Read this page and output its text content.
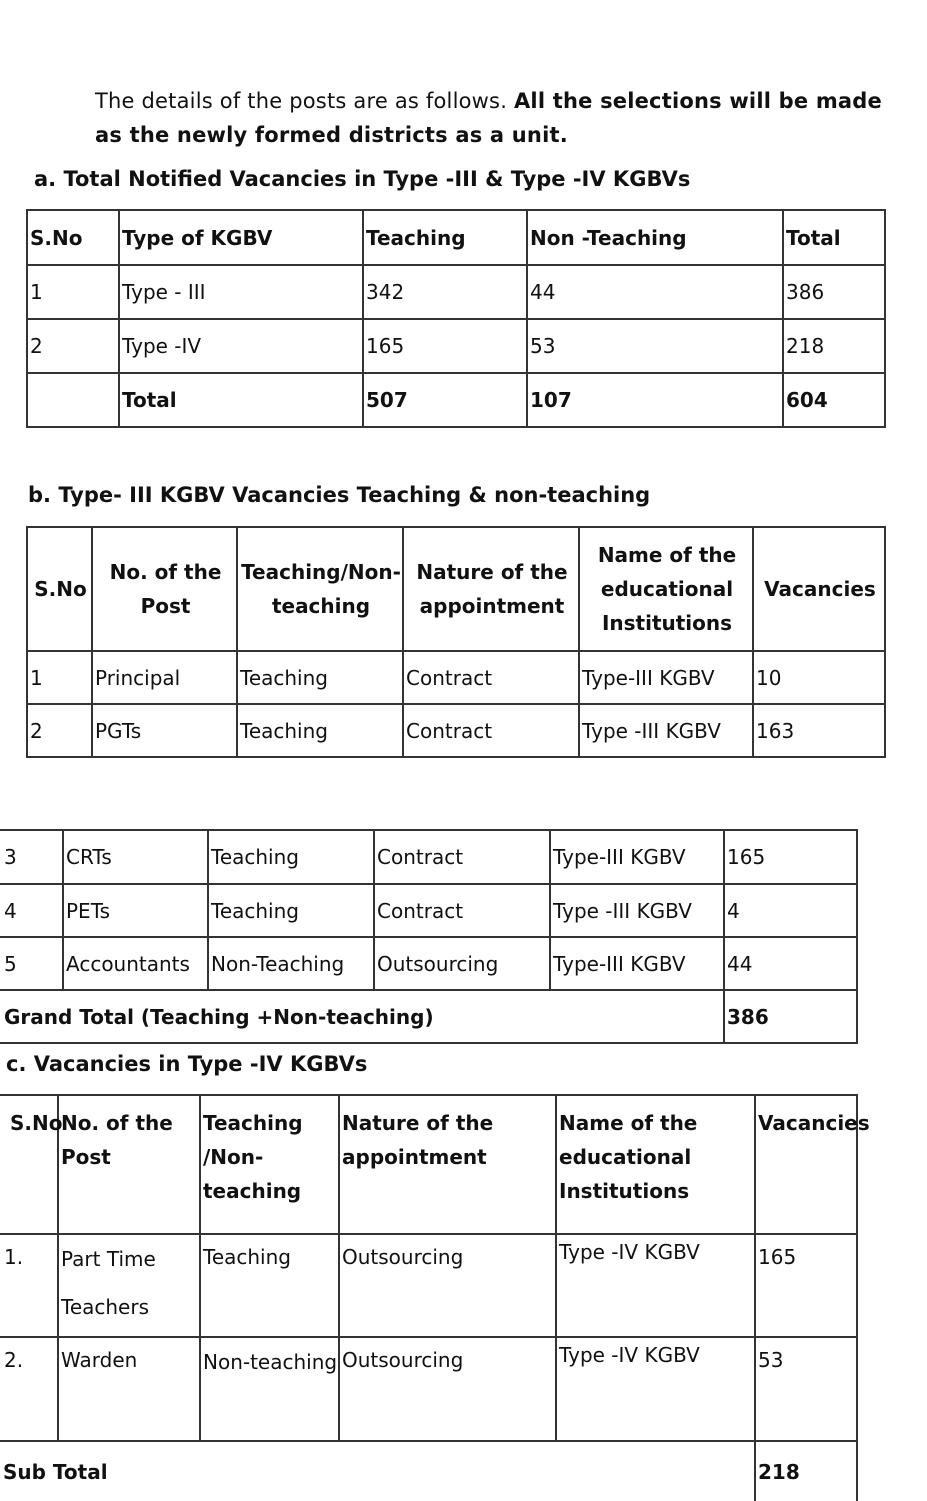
The details of the posts are as follows. All the selections will be made as the newly formed districts as a unit.
a. Total Notified Vacancies in Type -III & Type -IV KGBVs
S.No	Type of KGBV	Teaching	Non -Teaching	Total
1	Type - III	342	44	386
2	Type -IV	165	53	218
	Total	507	107	604
b. Type- III KGBV Vacancies Teaching & non-teaching
S.No	No. of the Post	Teaching/Non-teaching	Nature of the appointment	Name of the educational Institutions	Vacancies
1	Principal	Teaching	Contract	Type-III KGBV	10
2	PGTs	Teaching	Contract	Type -III KGBV	163
3	CRTs	Teaching	Contract	Type-III KGBV	165
4	PETs	Teaching	Contract	Type -III KGBV	4
5	Accountants	Non-Teaching	Outsourcing	Type-III KGBV	44
Grand Total (Teaching +Non-teaching)					386
c. Vacancies in Type -IV KGBVs
S.No	No. of the Post	Teaching /Non-teaching	Nature of the appointment	Name of the educational Institutions	Vacancies
1.	Part Time Teachers	Teaching	Outsourcing	Type -IV KGBV	165
2.	Warden	Non-teaching	Outsourcing	Type -IV KGBV	53
Sub Total					218
